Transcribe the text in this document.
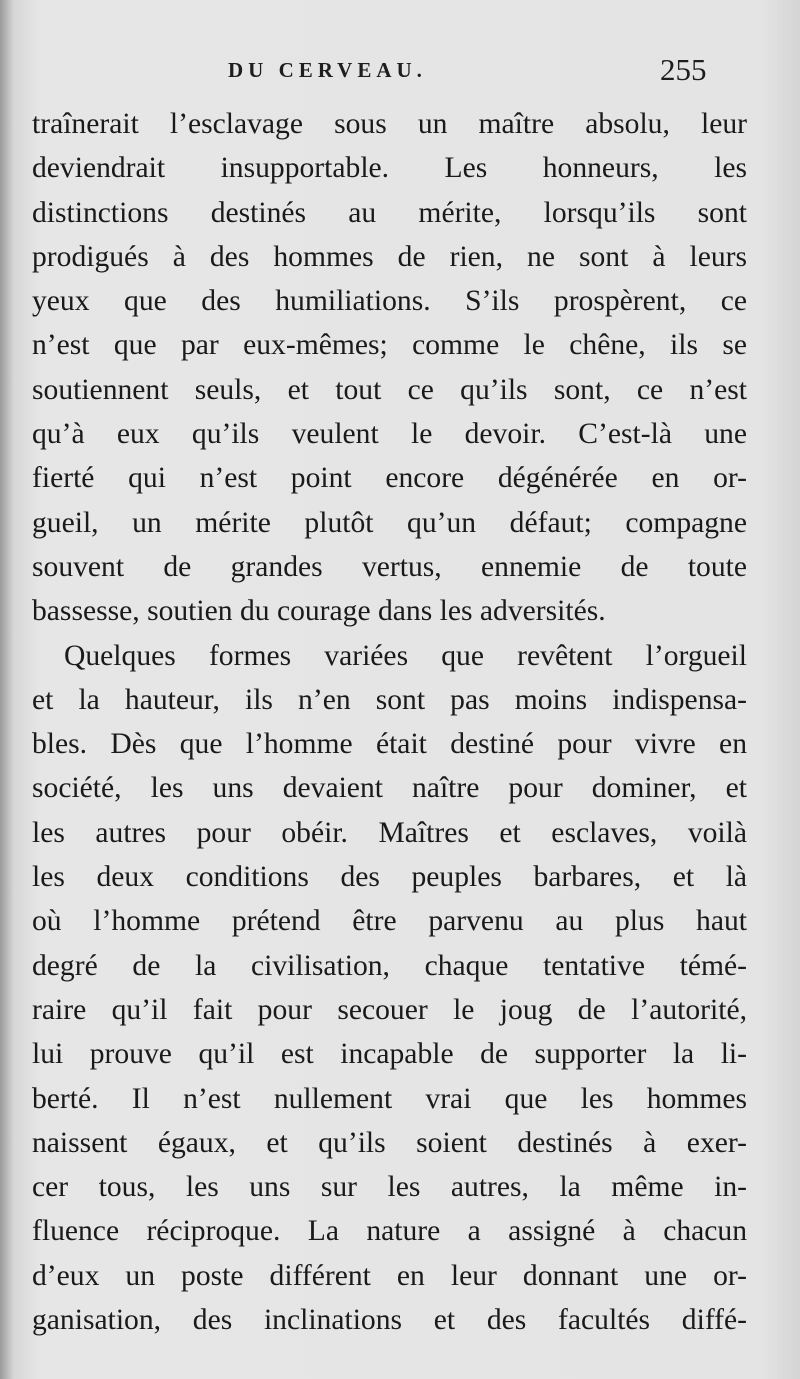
DU CERVEAU.	255
traînerait l’esclavage sous un maître absolu, leur
deviendrait insupportable. Les honneurs, les
distinctions destinés au mérite, lorsqu’ils sont
prodigués à des hommes de rien, ne sont à leurs
yeux que des humiliations. S’ils prospèrent, ce
n’est que par eux-mêmes; comme le chêne, ils se
soutiennent seuls, et tout ce qu’ils sont, ce n’est
qu’à eux qu’ils veulent le devoir. C’est-là une
fierté qui n’est point encore dégénérée en or-
gueil, un mérite plutôt qu’un défaut; compagne
souvent de grandes vertus, ennemie de toute
bassesse, soutien du courage dans les adversités.
Quelques formes variées que revêtent l’orgueil
et la hauteur, ils n’en sont pas moins indispensa-
bles. Dès que l’homme était destiné pour vivre en
société, les uns devaient naître pour dominer, et
les autres pour obéir. Maîtres et esclaves, voilà
les deux conditions des peuples barbares, et là
où l’homme prétend être parvenu au plus haut
degré de la civilisation, chaque tentative témé-
raire qu’il fait pour secouer le joug de l’autorité,
lui prouve qu’il est incapable de supporter la li-
berté. Il n’est nullement vrai que les hommes
naissent égaux, et qu’ils soient destinés à exer-
cer tous, les uns sur les autres, la même in-
fluence réciproque. La nature a assigné à chacun
d’eux un poste différent en leur donnant une or-
ganisation, des inclinations et des facultés diffé-
